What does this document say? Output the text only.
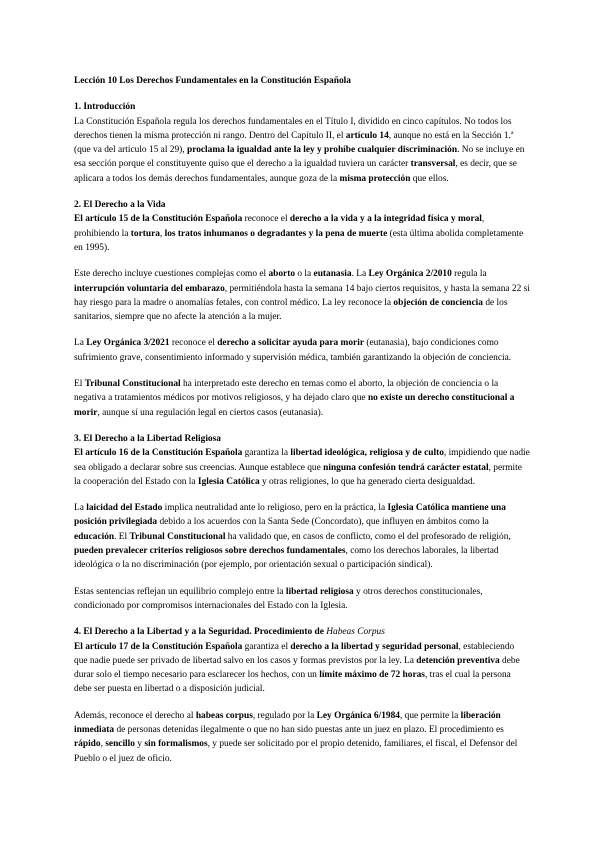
Lección 10 Los Derechos Fundamentales en la Constitución Española

1. Introducción

La Constitución Española regula los derechos fundamentales en el Título I, dividido en cinco capítulos. No todos los derechos tienen la misma protección ni rango. Dentro del Capítulo II, el artículo 14, aunque no está en la Sección 1.ª (que va del artículo 15 al 29), proclama la igualdad ante la ley y prohíbe cualquier discriminación. No se incluye en esa sección porque el constituyente quiso que el derecho a la igualdad tuviera un carácter transversal, es decir, que se aplicara a todos los demás derechos fundamentales, aunque goza de la misma protección que ellos.

2. El Derecho a la Vida

El artículo 15 de la Constitución Española reconoce el derecho a la vida y a la integridad física y moral, prohibiendo la tortura, los tratos inhumanos o degradantes y la pena de muerte (esta última abolida completamente en 1995).

Este derecho incluye cuestiones complejas como el aborto o la eutanasia. La Ley Orgánica 2/2010 regula la interrupción voluntaria del embarazo, permitiéndola hasta la semana 14 bajo ciertos requisitos, y hasta la semana 22 si hay riesgo para la madre o anomalías fetales, con control médico. La ley reconoce la objeción de conciencia de los sanitarios, siempre que no afecte la atención a la mujer.

La Ley Orgánica 3/2021 reconoce el derecho a solicitar ayuda para morir (eutanasia), bajo condiciones como sufrimiento grave, consentimiento informado y supervisión médica, también garantizando la objeción de conciencia.

El Tribunal Constitucional ha interpretado este derecho en temas como el aborto, la objeción de conciencia o la negativa a tratamientos médicos por motivos religiosos, y ha dejado claro que no existe un derecho constitucional a morir, aunque sí una regulación legal en ciertos casos (eutanasia).

3. El Derecho a la Libertad Religiosa

El artículo 16 de la Constitución Española garantiza la libertad ideológica, religiosa y de culto, impidiendo que nadie sea obligado a declarar sobre sus creencias. Aunque establece que ninguna confesión tendrá carácter estatal, permite la cooperación del Estado con la Iglesia Católica y otras religiones, lo que ha generado cierta desigualdad.

La laicidad del Estado implica neutralidad ante lo religioso, pero en la práctica, la Iglesia Católica mantiene una posición privilegiada debido a los acuerdos con la Santa Sede (Concordato), que influyen en ámbitos como la educación. El Tribunal Constitucional ha validado que, en casos de conflicto, como el del profesorado de religión, pueden prevalecer criterios religiosos sobre derechos fundamentales, como los derechos laborales, la libertad ideológica o la no discriminación (por ejemplo, por orientación sexual o participación sindical).

Estas sentencias reflejan un equilibrio complejo entre la libertad religiosa y otros derechos constitucionales, condicionado por compromisos internacionales del Estado con la Iglesia.

4. El Derecho a la Libertad y a la Seguridad. Procedimiento de Habeas Corpus

El artículo 17 de la Constitución Española garantiza el derecho a la libertad y seguridad personal, estableciendo que nadie puede ser privado de libertad salvo en los casos y formas previstos por la ley. La detención preventiva debe durar solo el tiempo necesario para esclarecer los hechos, con un límite máximo de 72 horas, tras el cual la persona debe ser puesta en libertad o a disposición judicial.

Además, reconoce el derecho al habeas corpus, regulado por la Ley Orgánica 6/1984, que permite la liberación inmediata de personas detenidas ilegalmente o que no han sido puestas ante un juez en plazo. El procedimiento es rápido, sencillo y sin formalismos, y puede ser solicitado por el propio detenido, familiares, el fiscal, el Defensor del Pueblo o el juez de oficio.
